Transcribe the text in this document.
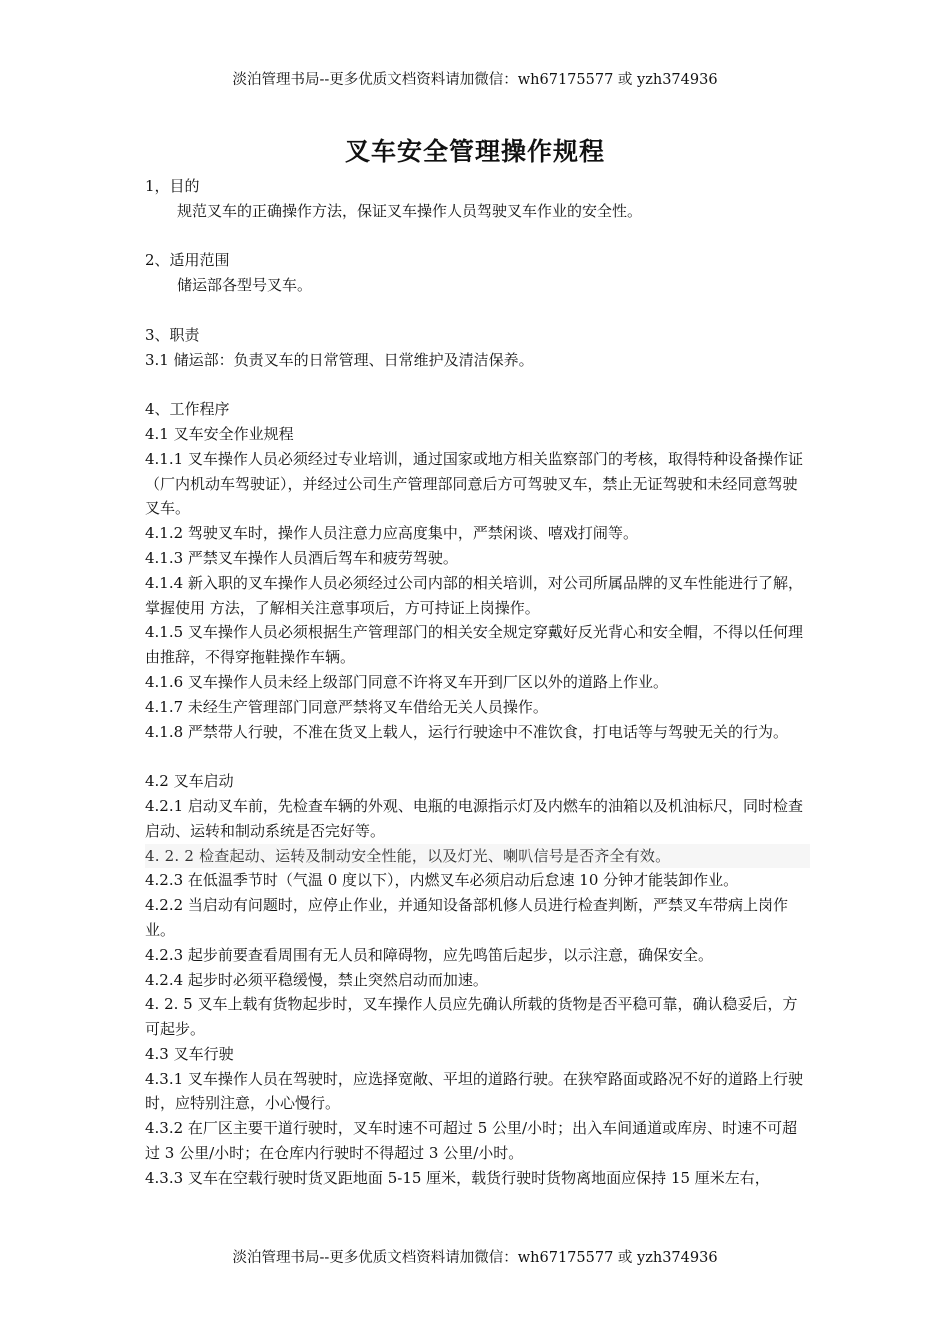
淡泊管理书局--更多优质文档资料请加微信：wh67175577 或 yzh374936
叉车安全管理操作规程

1，目的

规范叉车的正确操作方法，保证叉车操作人员驾驶叉车作业的安全性。

2、适用范围

储运部各型号叉车。

3、职责

3.1 储运部：负责叉车的日常管理、日常维护及清洁保养。

4、工作程序

4.1 叉车安全作业规程

4.1.1 叉车操作人员必须经过专业培训，通过国家或地方相关监察部门的考核，取得特种设备操作证（厂内机动车驾驶证），并经过公司生产管理部同意后方可驾驶叉车，禁止无证驾驶和未经同意驾驶叉车。

4.1.2 驾驶叉车时，操作人员注意力应高度集中，严禁闲谈、嘻戏打闹等。

4.1.3 严禁叉车操作人员酒后驾车和疲劳驾驶。

4.1.4 新入职的叉车操作人员必须经过公司内部的相关培训，对公司所属品牌的叉车性能进行了解，掌握使用 方法，了解相关注意事项后，方可持证上岗操作。

4.1.5 叉车操作人员必须根据生产管理部门的相关安全规定穿戴好反光背心和安全帽，不得以任何理由推辞，不得穿拖鞋操作车辆。

4.1.6 叉车操作人员未经上级部门同意不许将叉车开到厂区以外的道路上作业。

4.1.7 未经生产管理部门同意严禁将叉车借给无关人员操作。

4.1.8 严禁带人行驶，不准在货叉上载人，运行行驶途中不准饮食，打电话等与驾驶无关的行为。

4.2 叉车启动

4.2.1 启动叉车前，先检查车辆的外观、电瓶的电源指示灯及内燃车的油箱以及机油标尺，同时检查启动、运转和制动系统是否完好等。

4. 2. 2 检查起动、运转及制动安全性能，以及灯光、喇叭信号是否齐全有效。

4.2.3 在低温季节时（气温 0 度以下），内燃叉车必须启动后怠速 10 分钟才能装卸作业。

4.2.2 当启动有问题时，应停止作业，并通知设备部机修人员进行检查判断，严禁叉车带病上岗作业。

4.2.3 起步前要查看周围有无人员和障碍物，应先鸣笛后起步，以示注意，确保安全。

4.2.4 起步时必须平稳缓慢，禁止突然启动而加速。

4. 2. 5 叉车上载有货物起步时，叉车操作人员应先确认所载的货物是否平稳可靠，确认稳妥后，方可起步。

4.3 叉车行驶

4.3.1 叉车操作人员在驾驶时，应选择宽敞、平坦的道路行驶。在狭窄路面或路况不好的道路上行驶时，应特别注意，小心慢行。

4.3.2 在厂区主要干道行驶时，叉车时速不可超过 5 公里/小时；出入车间通道或库房、时速不可超过 3 公里/小时；在仓库内行驶时不得超过 3 公里/小时。

4.3.3 叉车在空载行驶时货叉距地面 5-15 厘米，载货行驶时货物离地面应保持 15 厘米左右，

淡泊管理书局--更多优质文档资料请加微信：wh67175577 或 yzh374936
